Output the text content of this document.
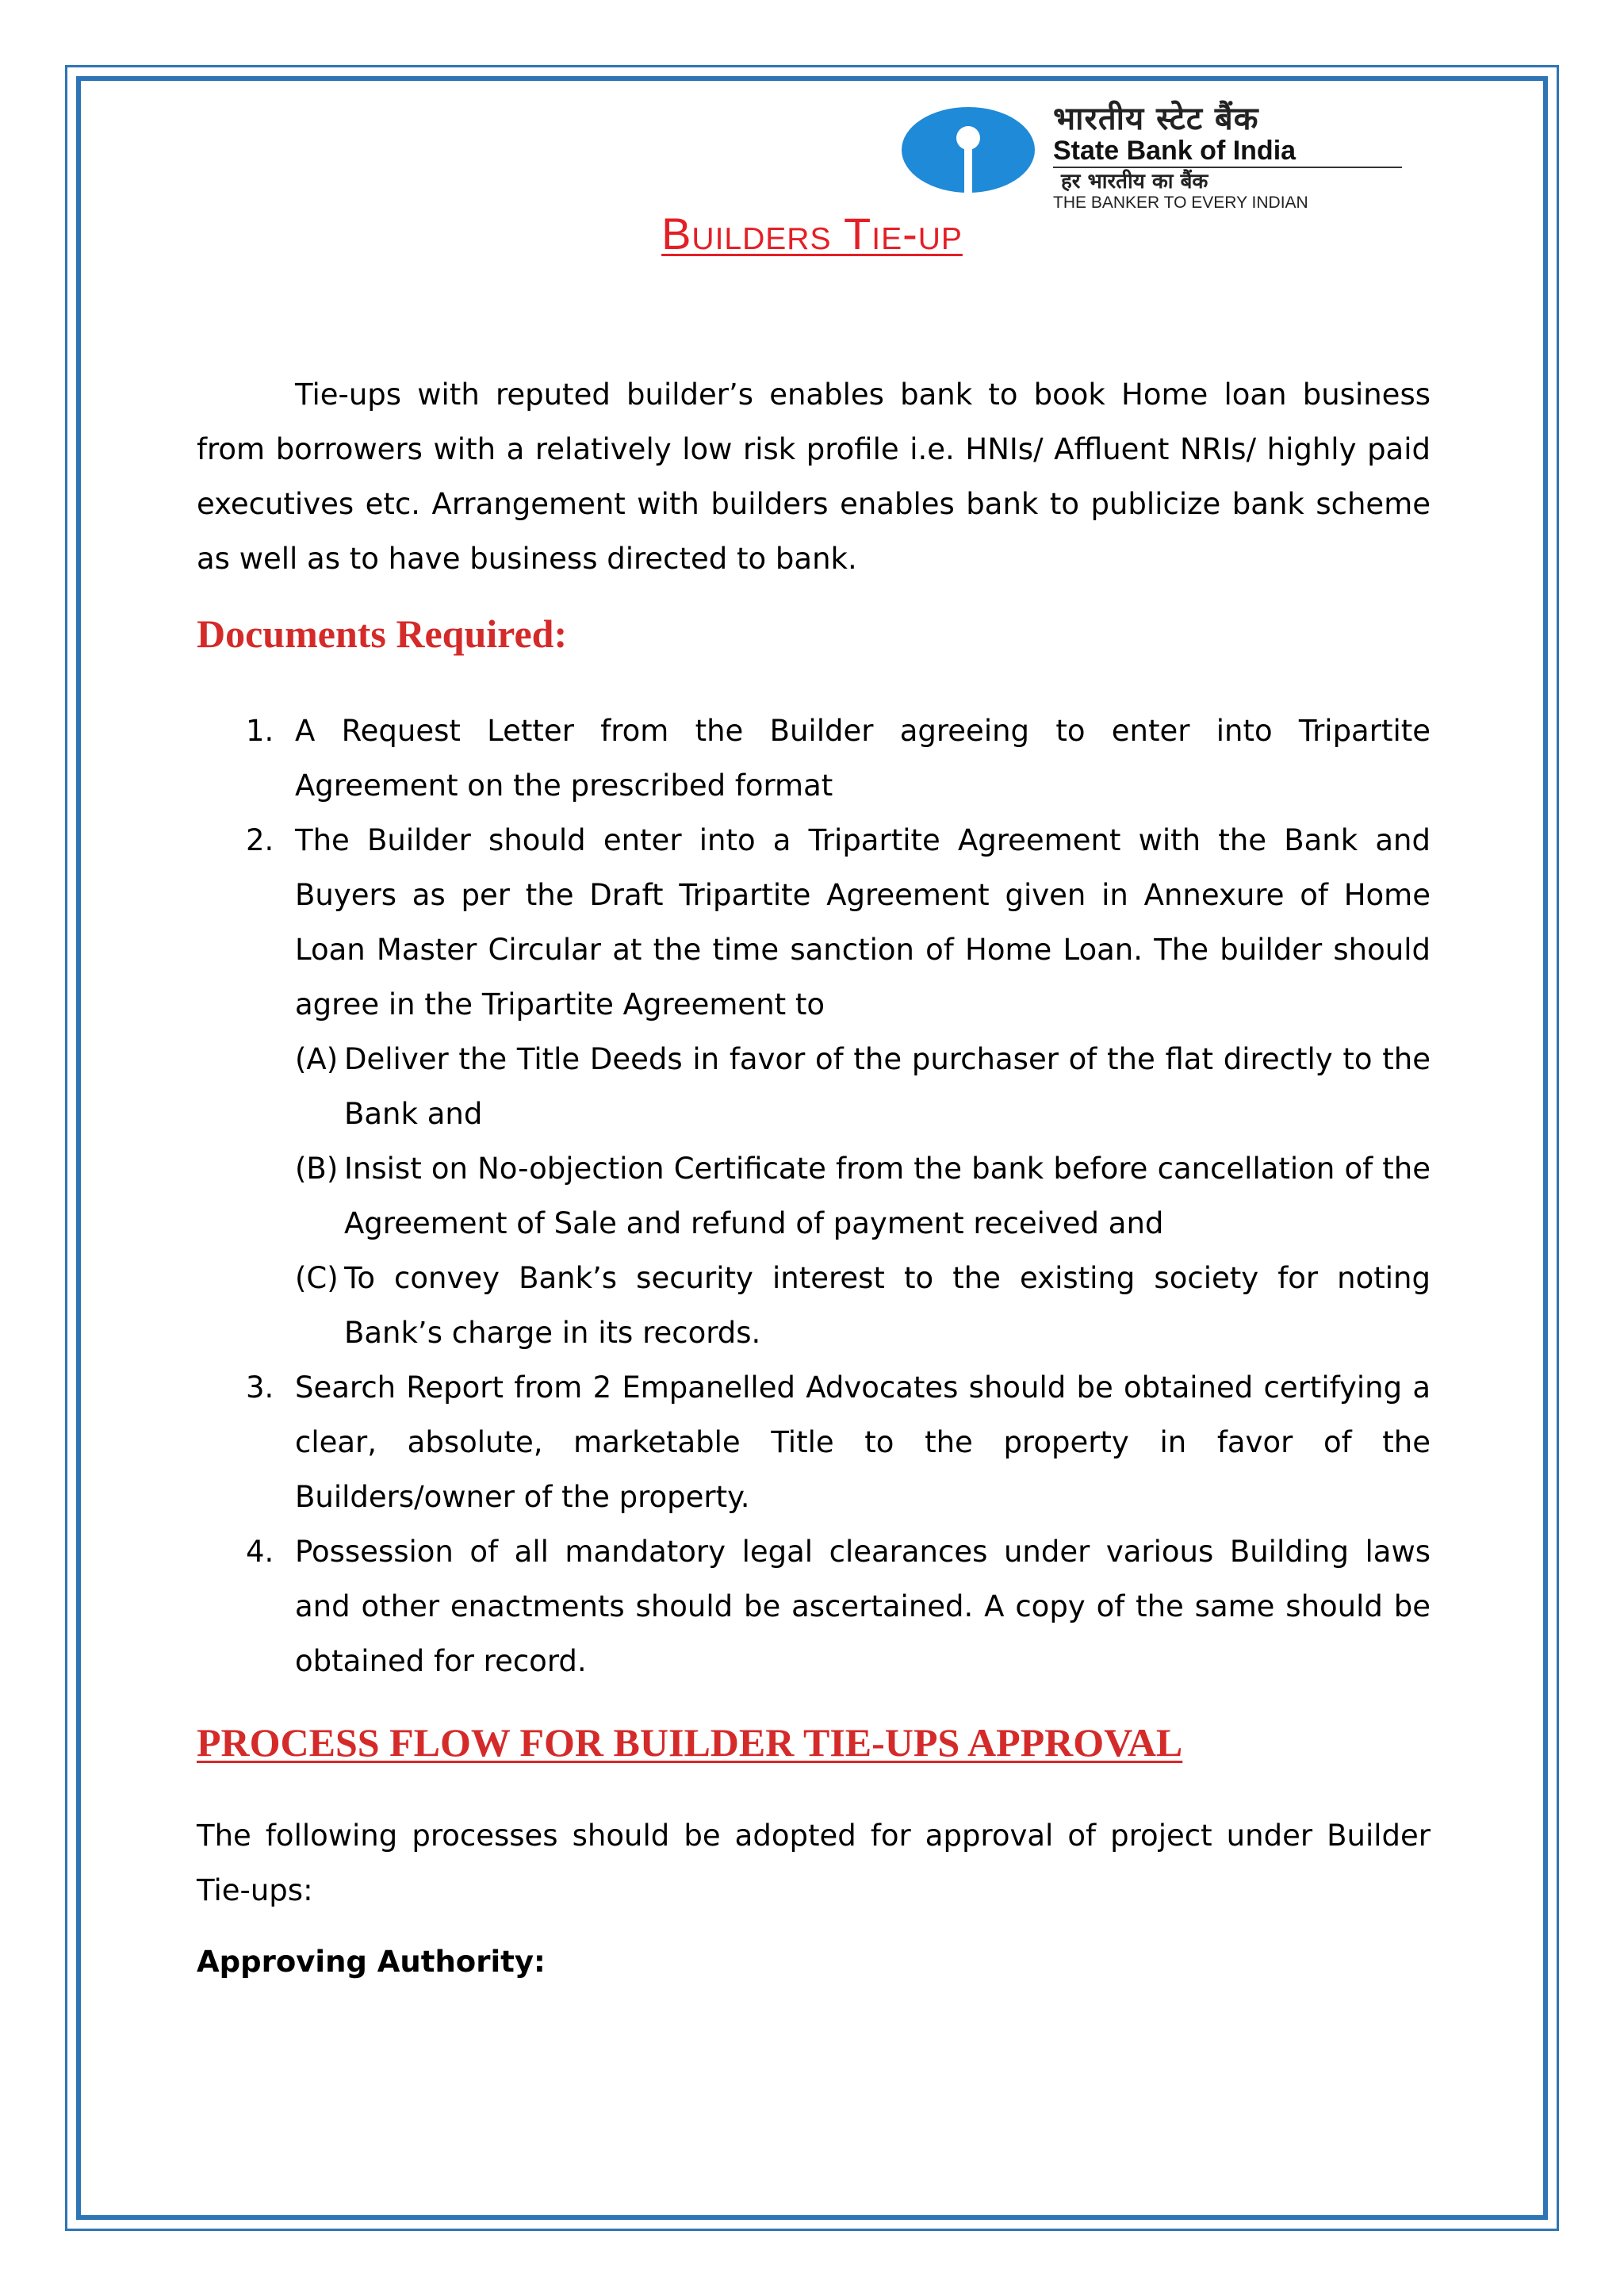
भारतीय स्टेट बैंक
State Bank of India
हर भारतीय का बैंक
THE BANKER TO EVERY INDIAN
Builders Tie-up
Tie-ups with reputed builder’s enables bank to book Home loan business from borrowers with a relatively low risk profile i.e. HNIs/ Affluent NRIs/ highly paid executives etc. Arrangement with builders enables bank to publicize bank scheme as well as to have business directed to bank.
Documents Required:
1. A Request Letter from the Builder agreeing to enter into Tripartite Agreement on the prescribed format
2. The Builder should enter into a Tripartite Agreement with the Bank and Buyers as per the Draft Tripartite Agreement given in Annexure of Home Loan Master Circular at the time sanction of Home Loan. The builder should agree in the Tripartite Agreement to
(A) Deliver the Title Deeds in favor of the purchaser of the flat directly to the Bank and
(B) Insist on No-objection Certificate from the bank before cancellation of the Agreement of Sale and refund of payment received and
(C) To convey Bank’s security interest to the existing society for noting Bank’s charge in its records.
3. Search Report from 2 Empanelled Advocates should be obtained certifying a clear, absolute, marketable Title to the property in favor of the Builders/owner of the property.
4. Possession of all mandatory legal clearances under various Building laws and other enactments should be ascertained. A copy of the same should be obtained for record.
PROCESS FLOW FOR BUILDER TIE-UPS APPROVAL
The following processes should be adopted for approval of project under Builder Tie-ups:
Approving Authority:
